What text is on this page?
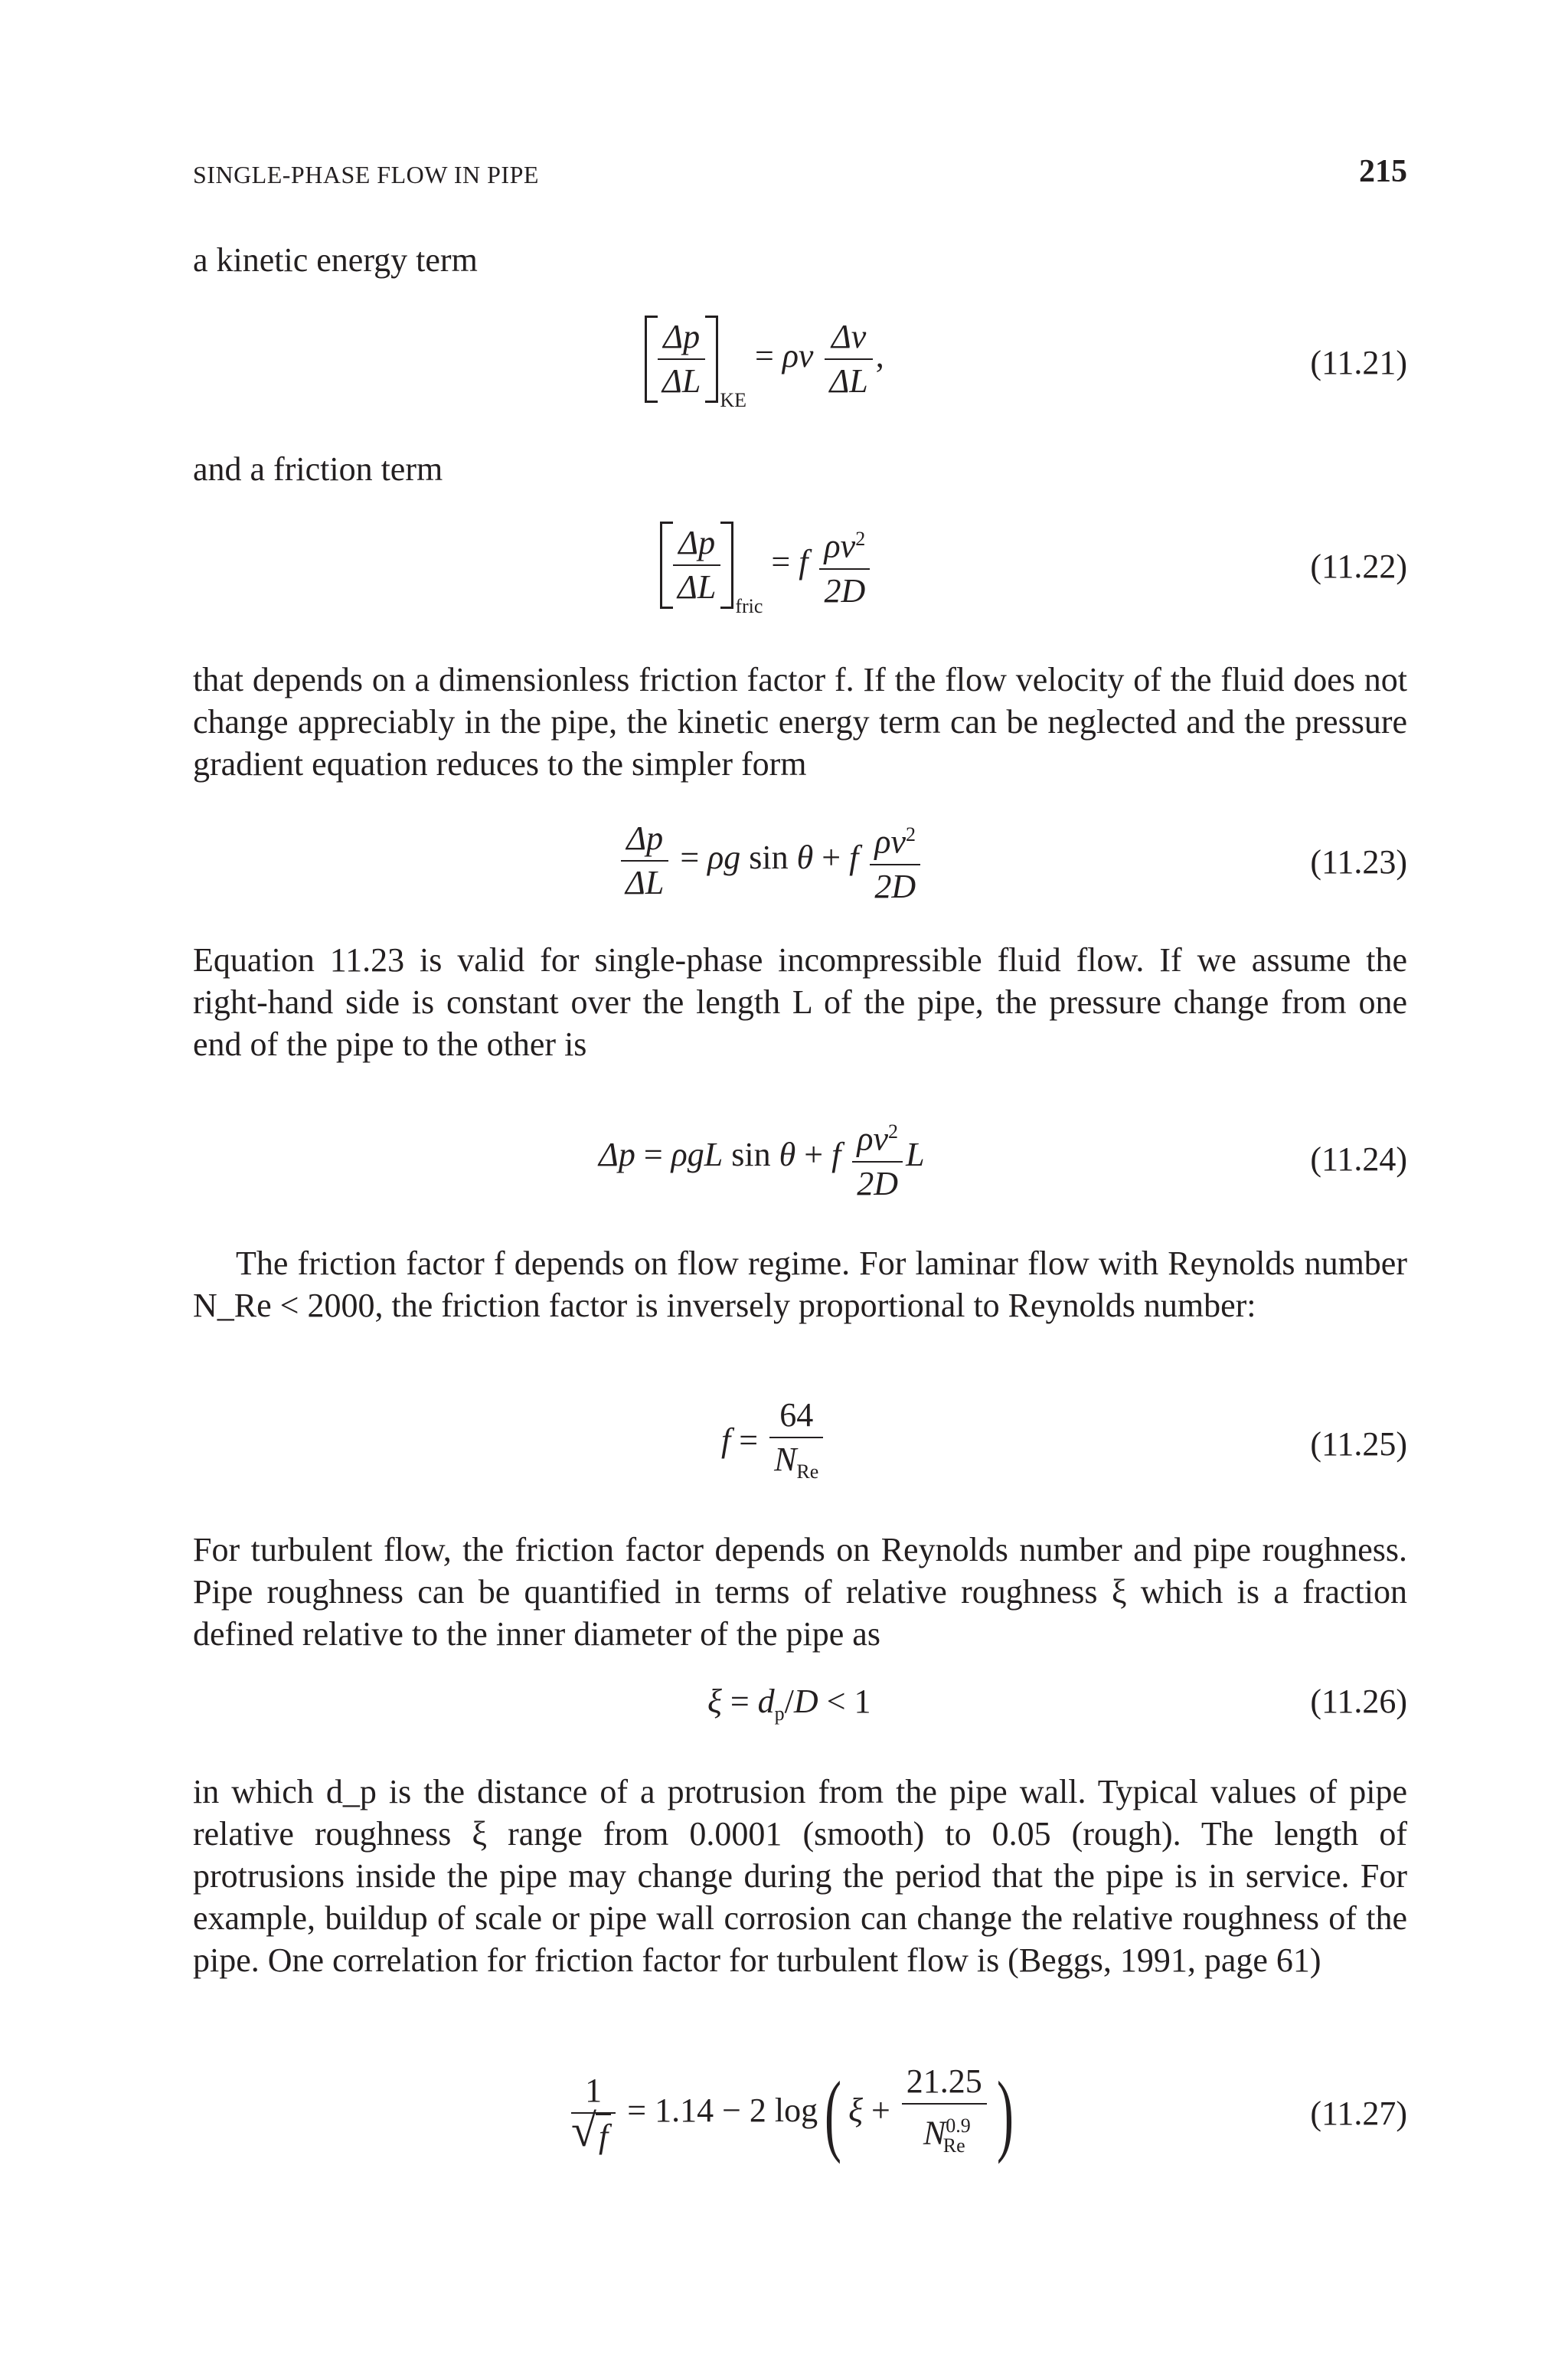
SINGLE-PHASE FLOW IN PIPE	215
a kinetic energy term
$\frac{\Delta p}{\Delta L}$ KE = ρv $\frac{\Delta v}{\Delta L}$ ,	(11.21)
and a friction term
$\frac{\Delta p}{\Delta L}$ fric = f $\frac{\rho v^2}{2D}$	(11.22)
that depends on a dimensionless friction factor f. If the flow velocity of the fluid does not change appreciably in the pipe, the kinetic energy term can be neglected and the pressure gradient equation reduces to the simpler form
$\frac{\Delta p}{\Delta L} = \rho g$ sin θ + f $\frac{\rho v^2}{2D}$	(11.23)
Equation 11.23 is valid for single-phase incompressible fluid flow. If we assume the right-hand side is constant over the length L of the pipe, the pressure change from one end of the pipe to the other is
Δp = ρgL sin θ + f $\frac{\rho v^2}{2D}$ L	(11.24)
The friction factor f depends on flow regime. For laminar flow with Reynolds number N_Re < 2000, the friction factor is inversely proportional to Reynolds number:
$f = \frac{64}{N_{Re}}$	(11.25)
For turbulent flow, the friction factor depends on Reynolds number and pipe roughness. Pipe roughness can be quantified in terms of relative roughness ξ which is a fraction defined relative to the inner diameter of the pipe as
$\xi = d_p/D < 1$	(11.26)
in which d_p is the distance of a protrusion from the pipe wall. Typical values of pipe relative roughness ξ range from 0.0001 (smooth) to 0.05 (rough). The length of protrusions inside the pipe may change during the period that the pipe is in service. For example, buildup of scale or pipe wall corrosion can change the relative roughness of the pipe. One correlation for friction factor for turbulent flow is (Beggs, 1991, page 61)
1
√ f = 1.14 − 2 log( $\xi + \frac{21.25}{N^{0.9}_{Re}}$ )	(11.27)
